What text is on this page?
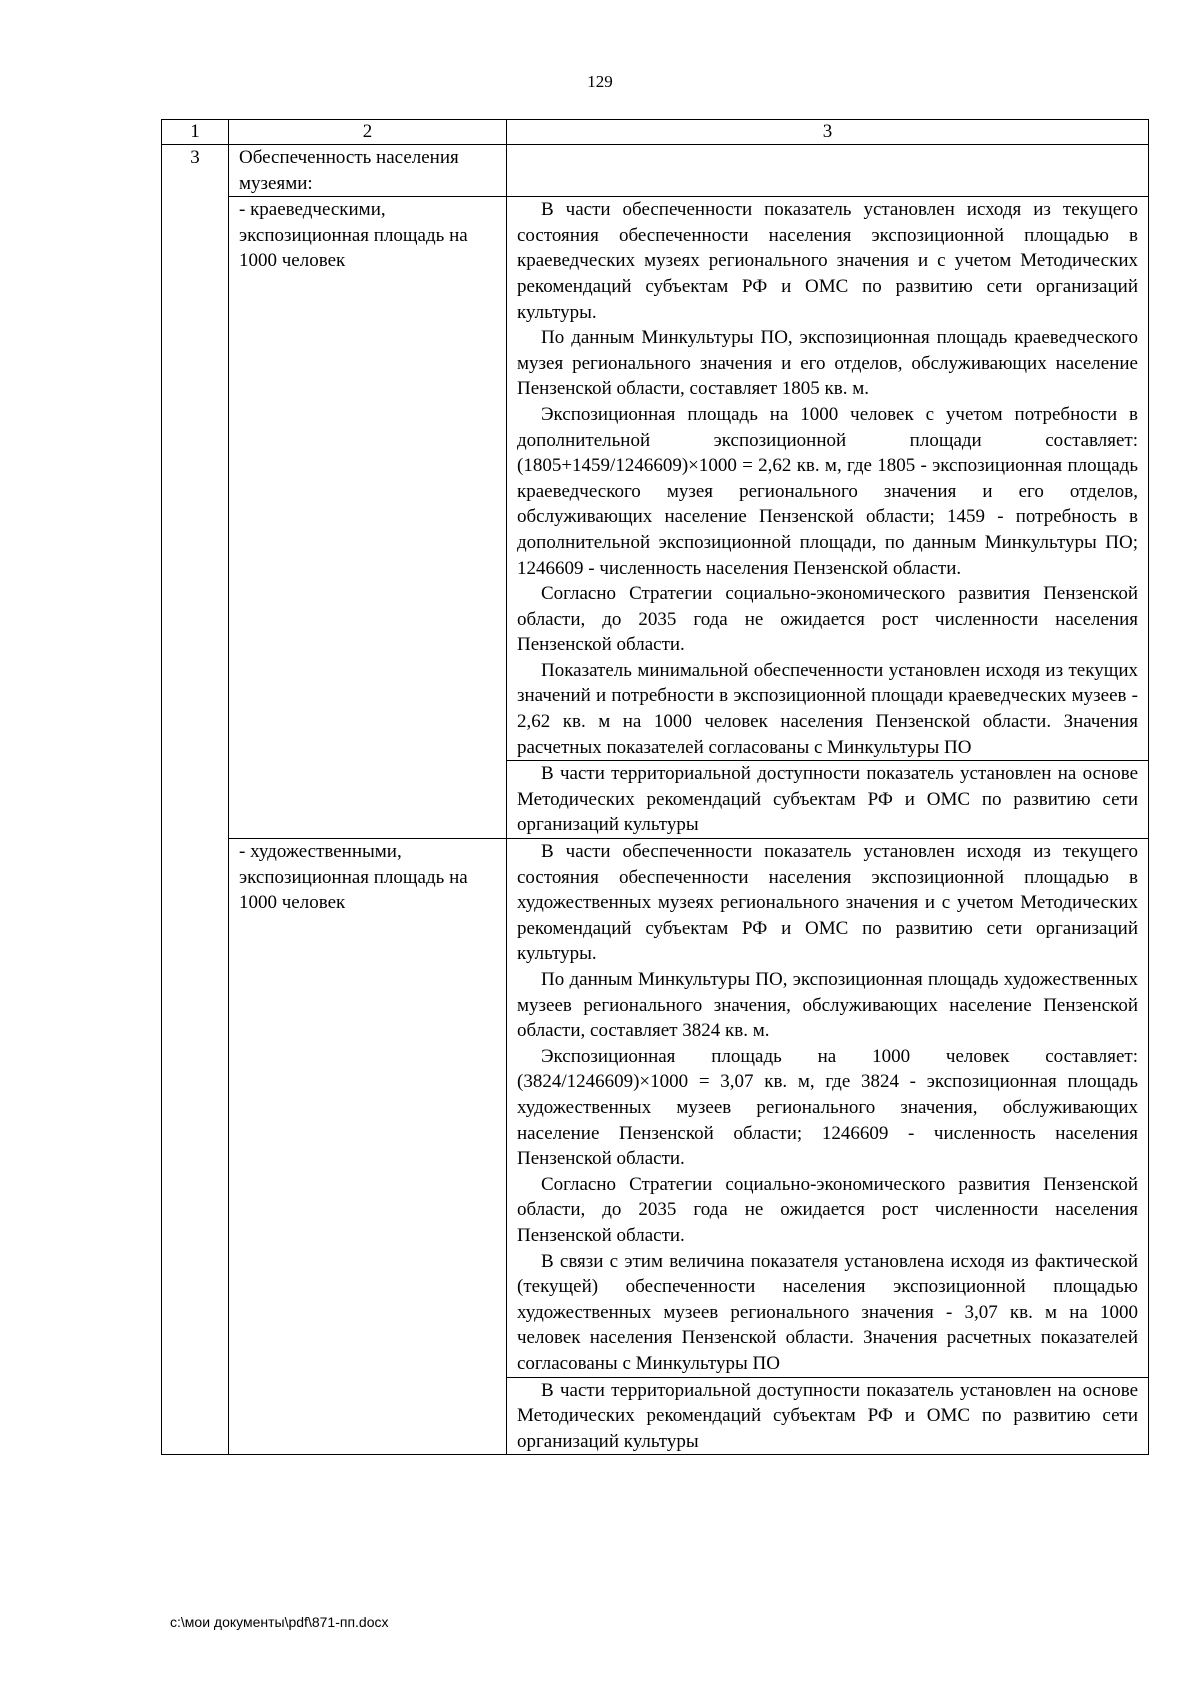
129
1	2	3
3	Обеспеченность населения музеями:	

	- краеведческими, экспозиционная площадь на 1000 человек	В части обеспеченности показатель установлен исходя из текущего состояния обеспеченности населения экспозиционной площадью в краеведческих музеях регионального значения и с учетом Методических рекомендаций субъектам РФ и ОМС по развитию сети организаций культуры.

По данным Минкультуры ПО, экспозиционная площадь краеведческого музея регионального значения и его отделов, обслуживающих население Пензенской области, составляет 1805 кв. м.

Экспозиционная площадь на 1000 человек с учетом потребности в дополнительной экспозиционной площади составляет: (1805+1459/1246609)×1000 = 2,62 кв. м, где 1805 - экспозиционная площадь краеведческого музея регионального значения и его отделов, обслуживающих население Пензенской области; 1459 - потребность в дополнительной экспозиционной площади, по данным Минкультуры ПО; 1246609 - численность населения Пензенской области.

Согласно Стратегии социально-экономического развития Пензенской области, до 2035 года не ожидается рост численности населения Пензенской области.

Показатель минимальной обеспеченности установлен исходя из текущих значений и потребности в экспозиционной площади краеведческих музеев - 2,62 кв. м на 1000 человек населения Пензенской области. Значения расчетных показателей согласованы с Минкультуры ПО

		В части территориальной доступности показатель установлен на основе Методических рекомендаций субъектам РФ и ОМС по развитию сети организаций культуры

	- художественными, экспозиционная площадь на 1000 человек	В части обеспеченности показатель установлен исходя из текущего состояния обеспеченности населения экспозиционной площадью в художественных музеях регионального значения и с учетом Методических рекомендаций субъектам РФ и ОМС по развитию сети организаций культуры.

По данным Минкультуры ПО, экспозиционная площадь художественных музеев регионального значения, обслуживающих население Пензенской области, составляет 3824 кв. м.

Экспозиционная площадь на 1000 человек составляет: (3824/1246609)×1000 = 3,07 кв. м, где 3824 - экспозиционная площадь художественных музеев регионального значения, обслуживающих население Пензенской области; 1246609 - численность населения Пензенской области.

Согласно Стратегии социально-экономического развития Пензенской области, до 2035 года не ожидается рост численности населения Пензенской области.

В связи с этим величина показателя установлена исходя из фактической (текущей) обеспеченности населения экспозиционной площадью художественных музеев регионального значения - 3,07 кв. м на 1000 человек населения Пензенской области. Значения расчетных показателей согласованы с Минкультуры ПО

		В части территориальной доступности показатель установлен на основе Методических рекомендаций субъектам РФ и ОМС по развитию сети организаций культуры

c:\мои документы\pdf\871-пп.docx
